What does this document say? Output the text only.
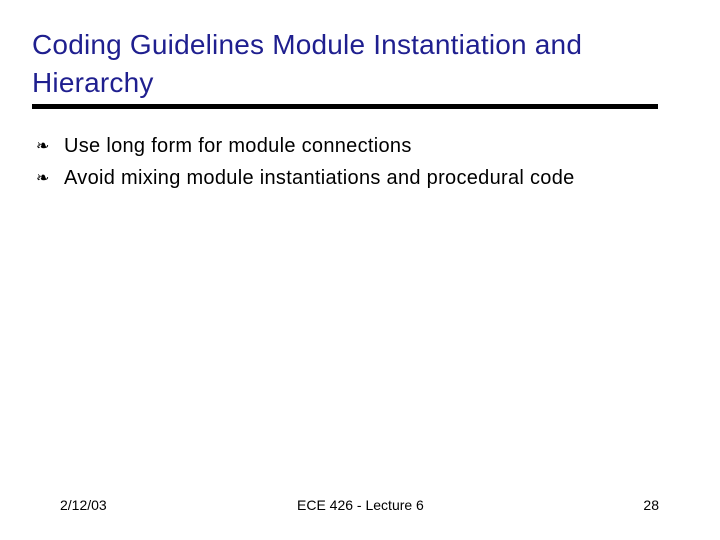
Coding Guidelines Module Instantiation and Hierarchy
❧ Use long form for module connections
❧ Avoid mixing module instantiations and procedural code
2/12/03	ECE 426 - Lecture 6	28
